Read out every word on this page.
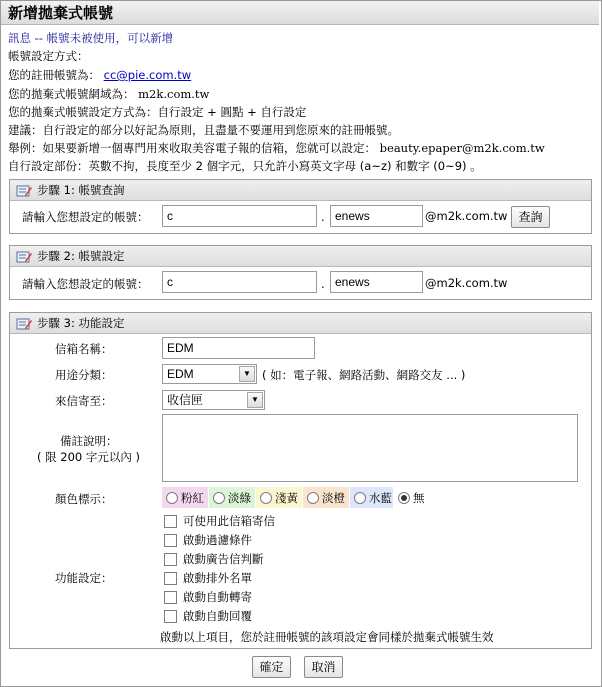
新增拋棄式帳號
訊息 -- 帳號未被使用，可以新增
帳號設定方式：
您的註冊帳號為： cc@pie.com.tw
您的拋棄式帳號網域為： m2k.com.tw
您的拋棄式帳號設定方式為：自行設定 + 圓點 + 自行設定
建議：自行設定的部分以好記為原則，且盡量不要運用到您原來的註冊帳號。
舉例：如果要新增一個專門用來收取美容電子報的信箱，您就可以設定： beauty.epaper@m2k.com.tw
自行設定部份：英數不拘，長度至少 2 個字元，只允許小寫英文字母 (a~z) 和數字 (0~9) 。
步驟 1: 帳號查詢
請輸入您想設定的帳號：	c	. enews	@m2k.com.tw 查詢
步驟 2: 帳號設定
請輸入您想設定的帳號：	c	. enews	@m2k.com.tw
步驟 3: 功能設定
信箱名稱：	EDM
用途分類：	EDM	▼ ( 如：電子報、網路活動、網路交友 ... )
來信寄至：	收信匣	▼
備註說明：
( 限 200 字元以內 )
顏色標示：	粉紅 淡綠 淺黃 淡橙 水藍 無
功能設定：
可使用此信箱寄信
啟動過濾條件
啟動廣告信判斷
啟動排外名單
啟動自動轉寄
啟動自動回覆
啟動以上項目，您於註冊帳號的該項設定會同樣於拋棄式帳號生效
確定	取消
